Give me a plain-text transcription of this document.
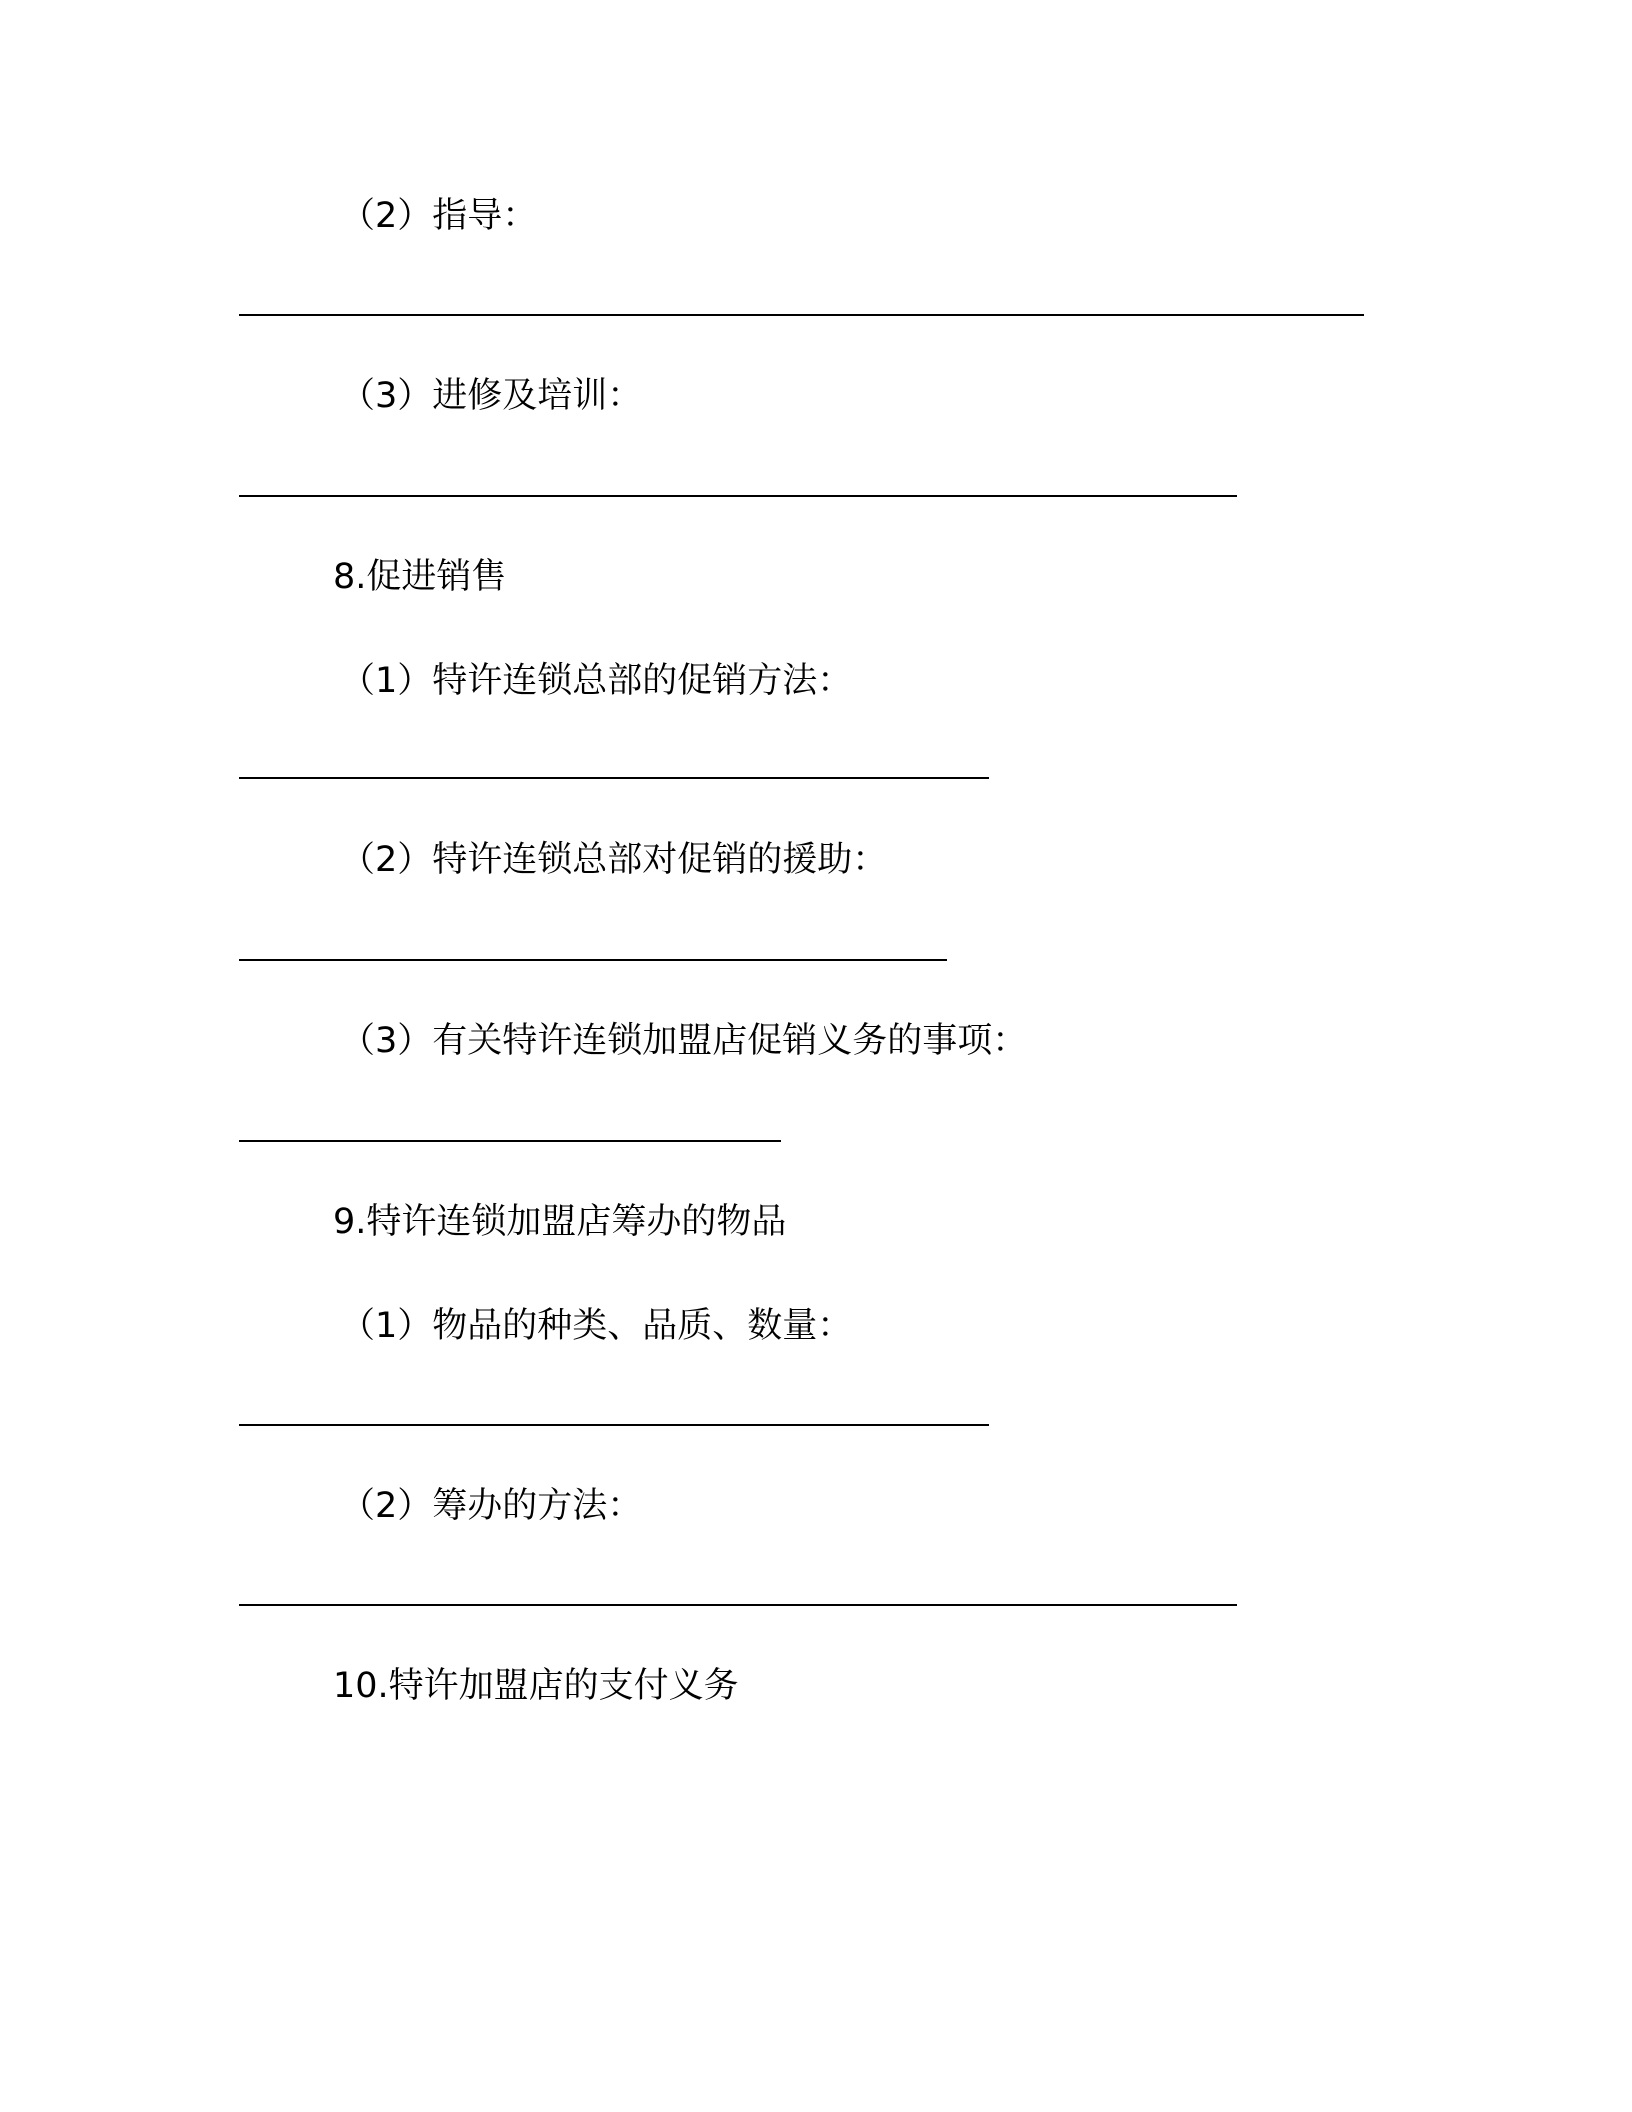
（2）指导：
（3）进修及培训：
8.促进销售
（1）特许连锁总部的促销方法：
（2）特许连锁总部对促销的援助：
（3）有关特许连锁加盟店促销义务的事项：
9.特许连锁加盟店筹办的物品
（1）物品的种类、品质、数量：
（2）筹办的方法：
10.特许加盟店的支付义务
